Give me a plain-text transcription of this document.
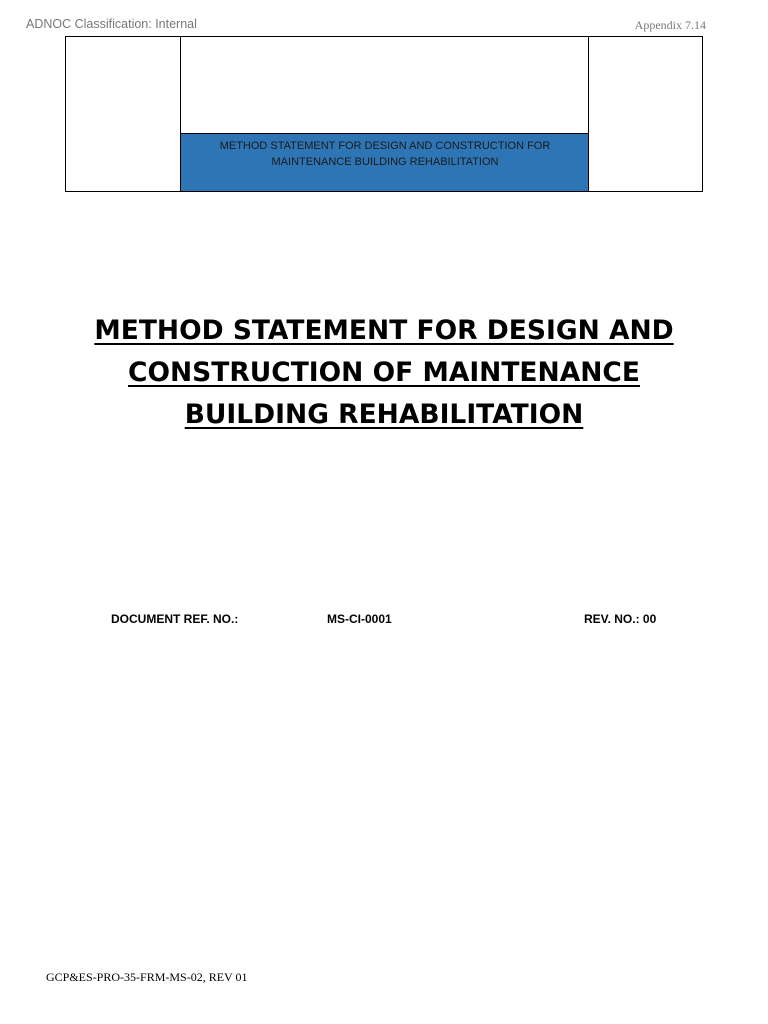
ADNOC Classification: Internal	Appendix 7.14
METHOD STATEMENT FOR DESIGN AND CONSTRUCTION FOR
MAINTENANCE BUILDING REHABILITATION
METHOD STATEMENT FOR DESIGN AND
CONSTRUCTION OF MAINTENANCE
BUILDING REHABILITATION
DOCUMENT REF. NO.:	MS-CI-0001	REV. NO.: 00
GCP&ES-PRO-35-FRM-MS-02, REV 01
